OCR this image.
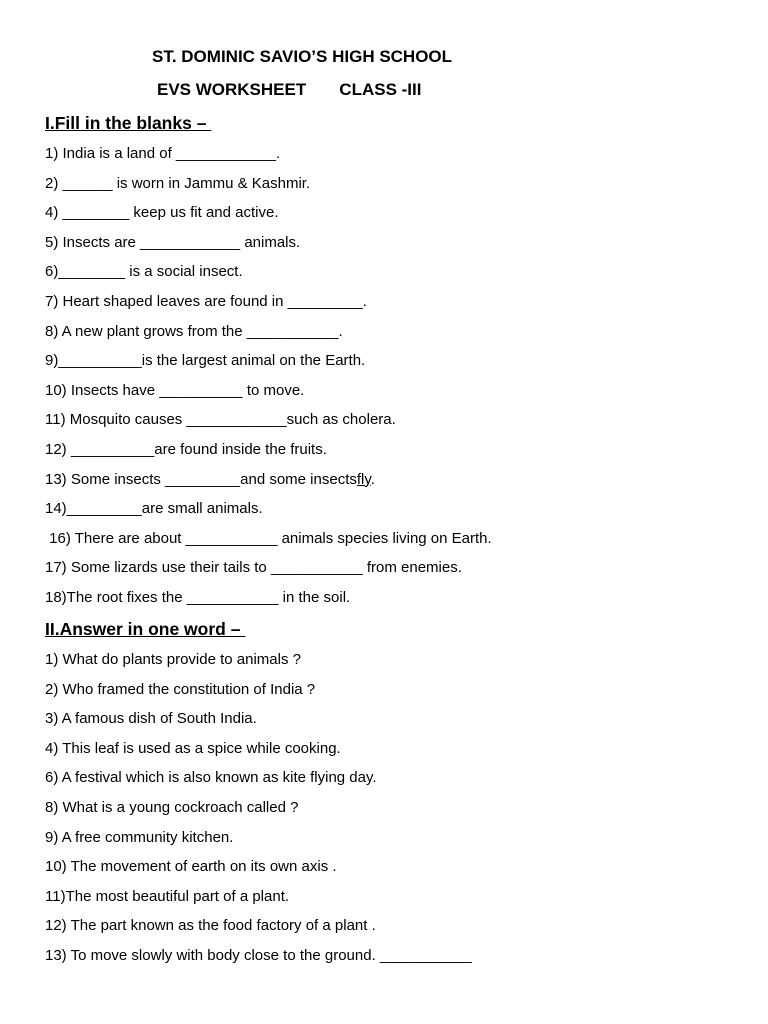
ST. DOMINIC SAVIO’S HIGH SCHOOL
EVS WORKSHEET       CLASS -III
I.Fill in the blanks –
1) India is a land of ____________.
2) ______ is worn in Jammu & Kashmir.
4) ________ keep us fit and active.
5) Insects are ____________ animals.
6)________ is a social insect.
7) Heart shaped leaves are found in _________.
8) A new plant grows from the ___________.
9)__________is the largest animal on the Earth.
10) Insects have __________ to move.
11) Mosquito causes ____________such as cholera.
12) __________are found inside the fruits.
13) Some insects _________and some insectsfly.
14)_________are small animals.
16) There are about ___________ animals species living on Earth.
17) Some lizards use their tails to ___________ from enemies.
18)The root fixes the ___________ in the soil.
II.Answer in one word –
1) What do plants provide to animals ?
2) Who framed the constitution of India ?
3) A famous dish of South India.
4) This leaf is used as a spice while cooking.
6) A festival which is also known as kite flying day.
8) What is a young cockroach called ?
9) A free community kitchen.
10) The movement of earth on its own axis .
11)The most beautiful part of a plant.
12) The part known as the food factory of a plant .
13) To move slowly with body close to the ground. ___________
